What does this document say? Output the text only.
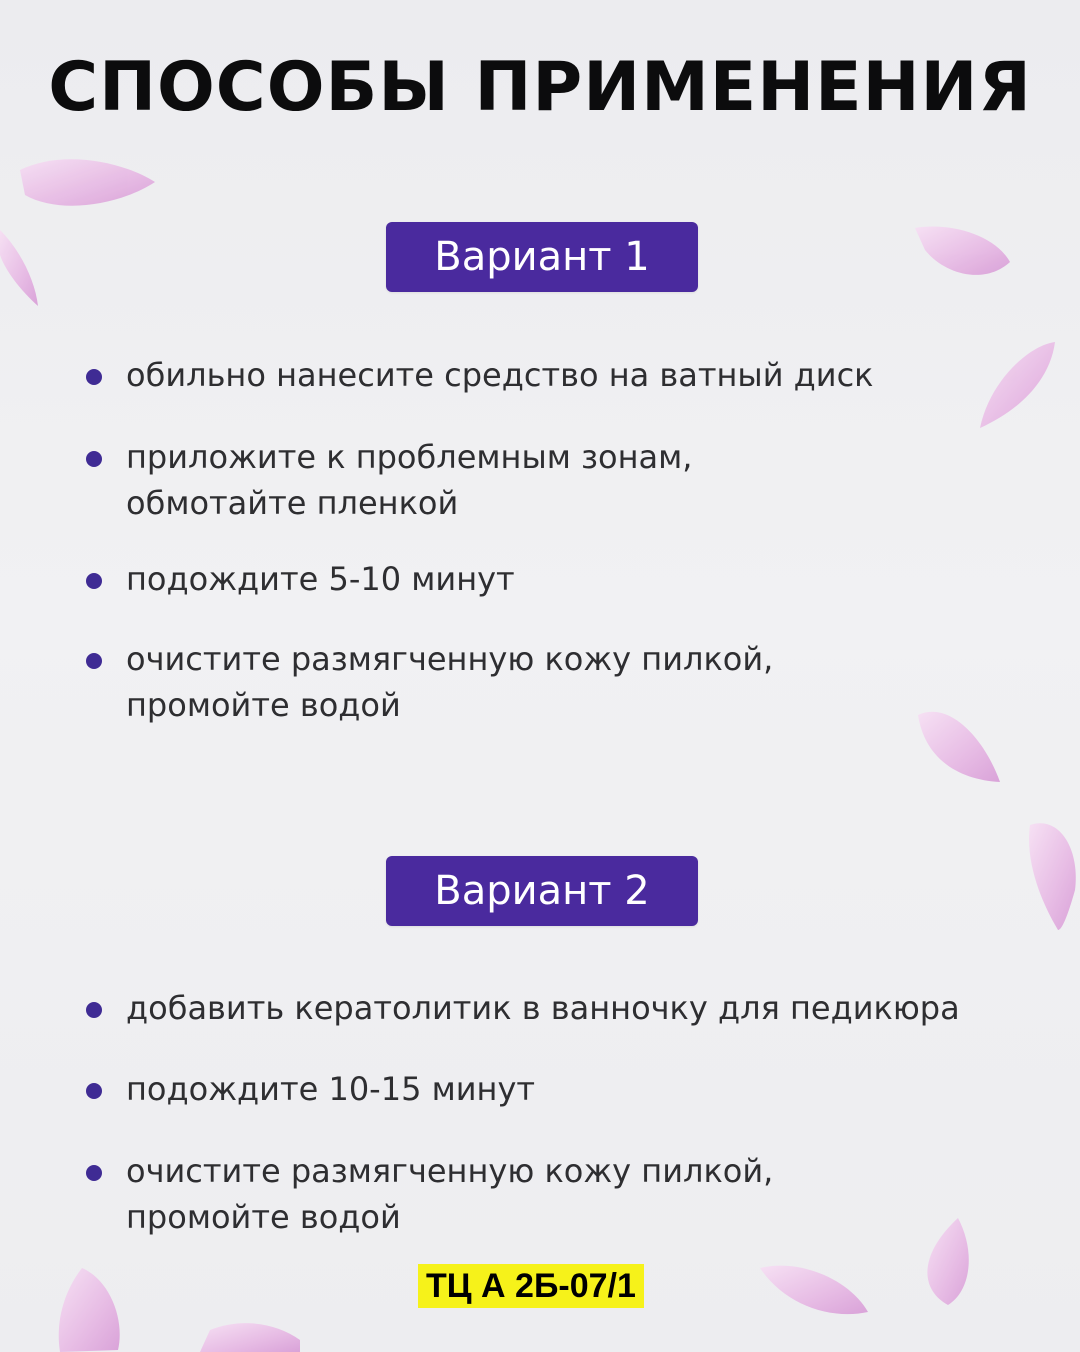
СПОСОБЫ ПРИМЕНЕНИЯ
Вариант 1
обильно нанесите средство на ватный диск
приложите к проблемным зонам,
обмотайте пленкой
подождите 5-10 минут
очистите размягченную кожу пилкой,
промойте водой
Вариант 2
добавить кератолитик в ванночку для педикюра
подождите 10-15 минут
очистите размягченную кожу пилкой,
промойте водой
ТЦ А 2Б-07/1
